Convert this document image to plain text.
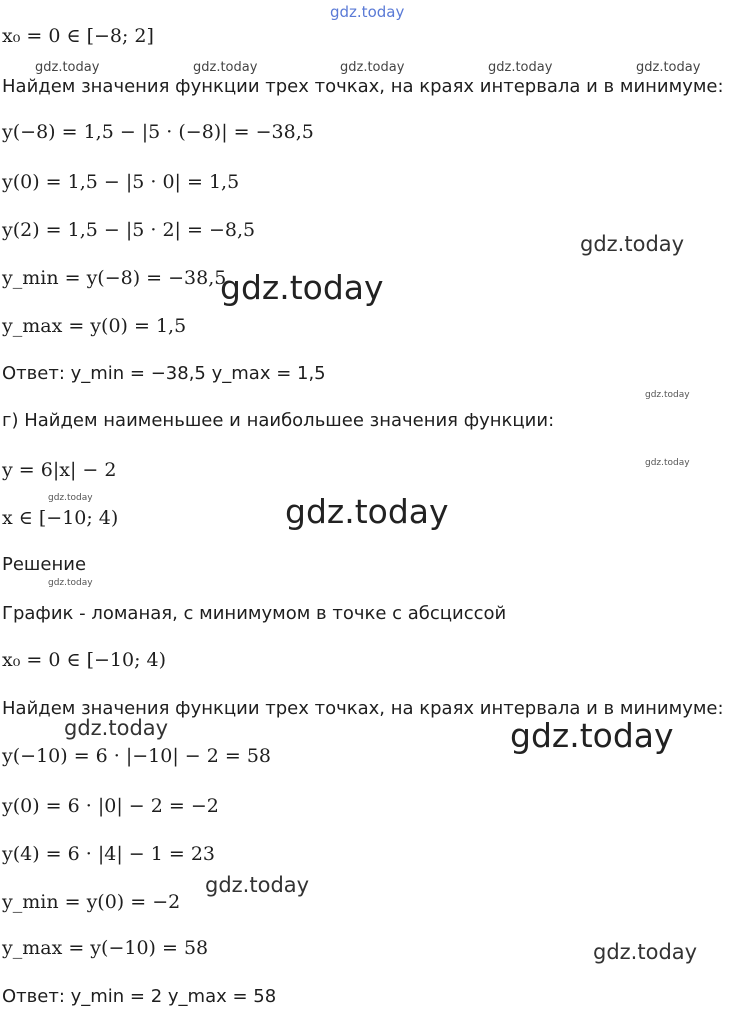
gdz.today
gdz.today	gdz.today	gdz.today	gdz.today	gdz.today
gdz.today
gdz.today
gdz.today
gdz.today
gdz.today	gdz.today
gdz.today
gdz.today	gdz.today
gdz.today
gdz.today
x₀ = 0 ∈ [−8; 2]
Найдем значения функции трех точках, на краях интервала и в минимуме:
y(−8) = 1,5 − |5 · (−8)| = −38,5
y(0) = 1,5 − |5 · 0| = 1,5
y(2) = 1,5 − |5 · 2| = −8,5
y_min = y(−8) = −38,5
y_max = y(0) = 1,5
Ответ: y_min = −38,5 y_max = 1,5
г) Найдем наименьшее и наибольшее значения функции:
y = 6|x| − 2
x ∈ [−10; 4)
Решение
График - ломаная, с минимумом в точке с абсциссой
x₀ = 0 ∈ [−10; 4)
Найдем значения функции трех точках, на краях интервала и в минимуме:
y(−10) = 6 · |−10| − 2 = 58
y(0) = 6 · |0| − 2 = −2
y(4) = 6 · |4| − 1 = 23
y_min = y(0) = −2
y_max = y(−10) = 58
Ответ: y_min = 2 y_max = 58
